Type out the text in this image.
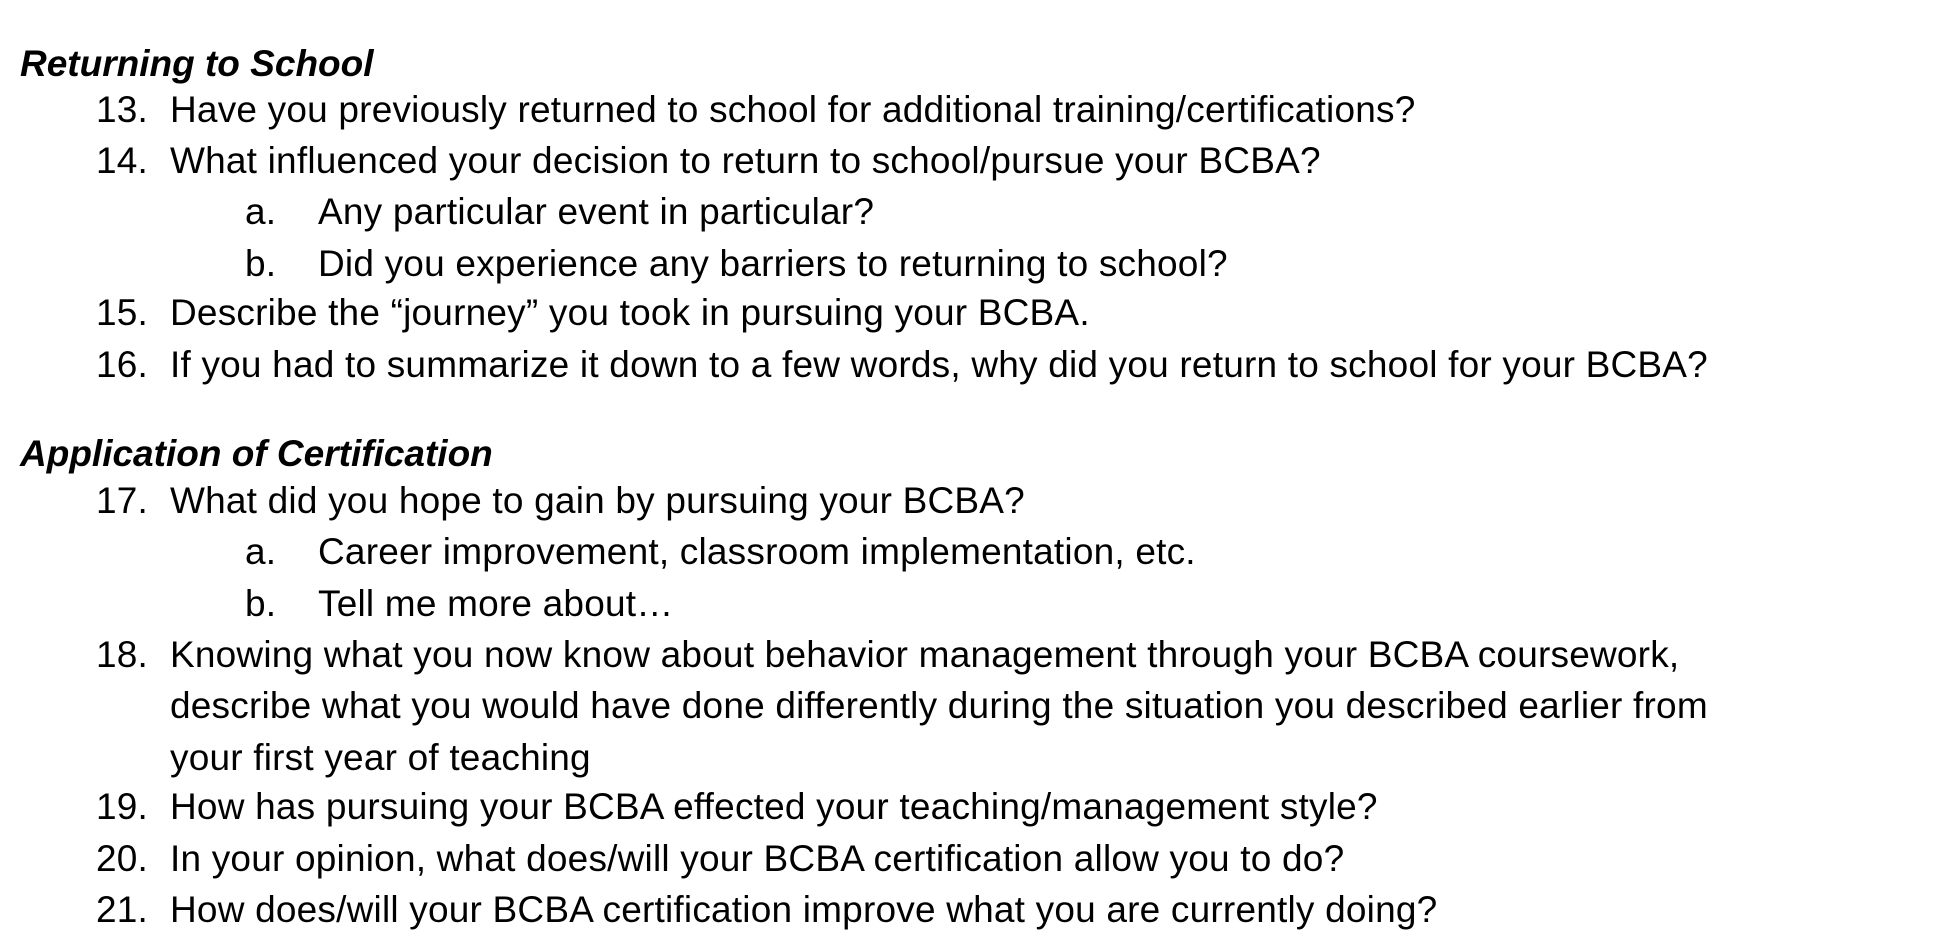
Returning to School
13. Have you previously returned to school for additional training/certifications?
14. What influenced your decision to return to school/pursue your BCBA?
a. Any particular event in particular?
b. Did you experience any barriers to returning to school?
15. Describe the “journey” you took in pursuing your BCBA.
16. If you had to summarize it down to a few words, why did you return to school for your BCBA?
Application of Certification
17. What did you hope to gain by pursuing your BCBA?
a. Career improvement, classroom implementation, etc.
b. Tell me more about…
18. Knowing what you now know about behavior management through your BCBA coursework,
describe what you would have done differently during the situation you described earlier from
your first year of teaching
19. How has pursuing your BCBA effected your teaching/management style?
20. In your opinion, what does/will your BCBA certification allow you to do?
21. How does/will your BCBA certification improve what you are currently doing?
